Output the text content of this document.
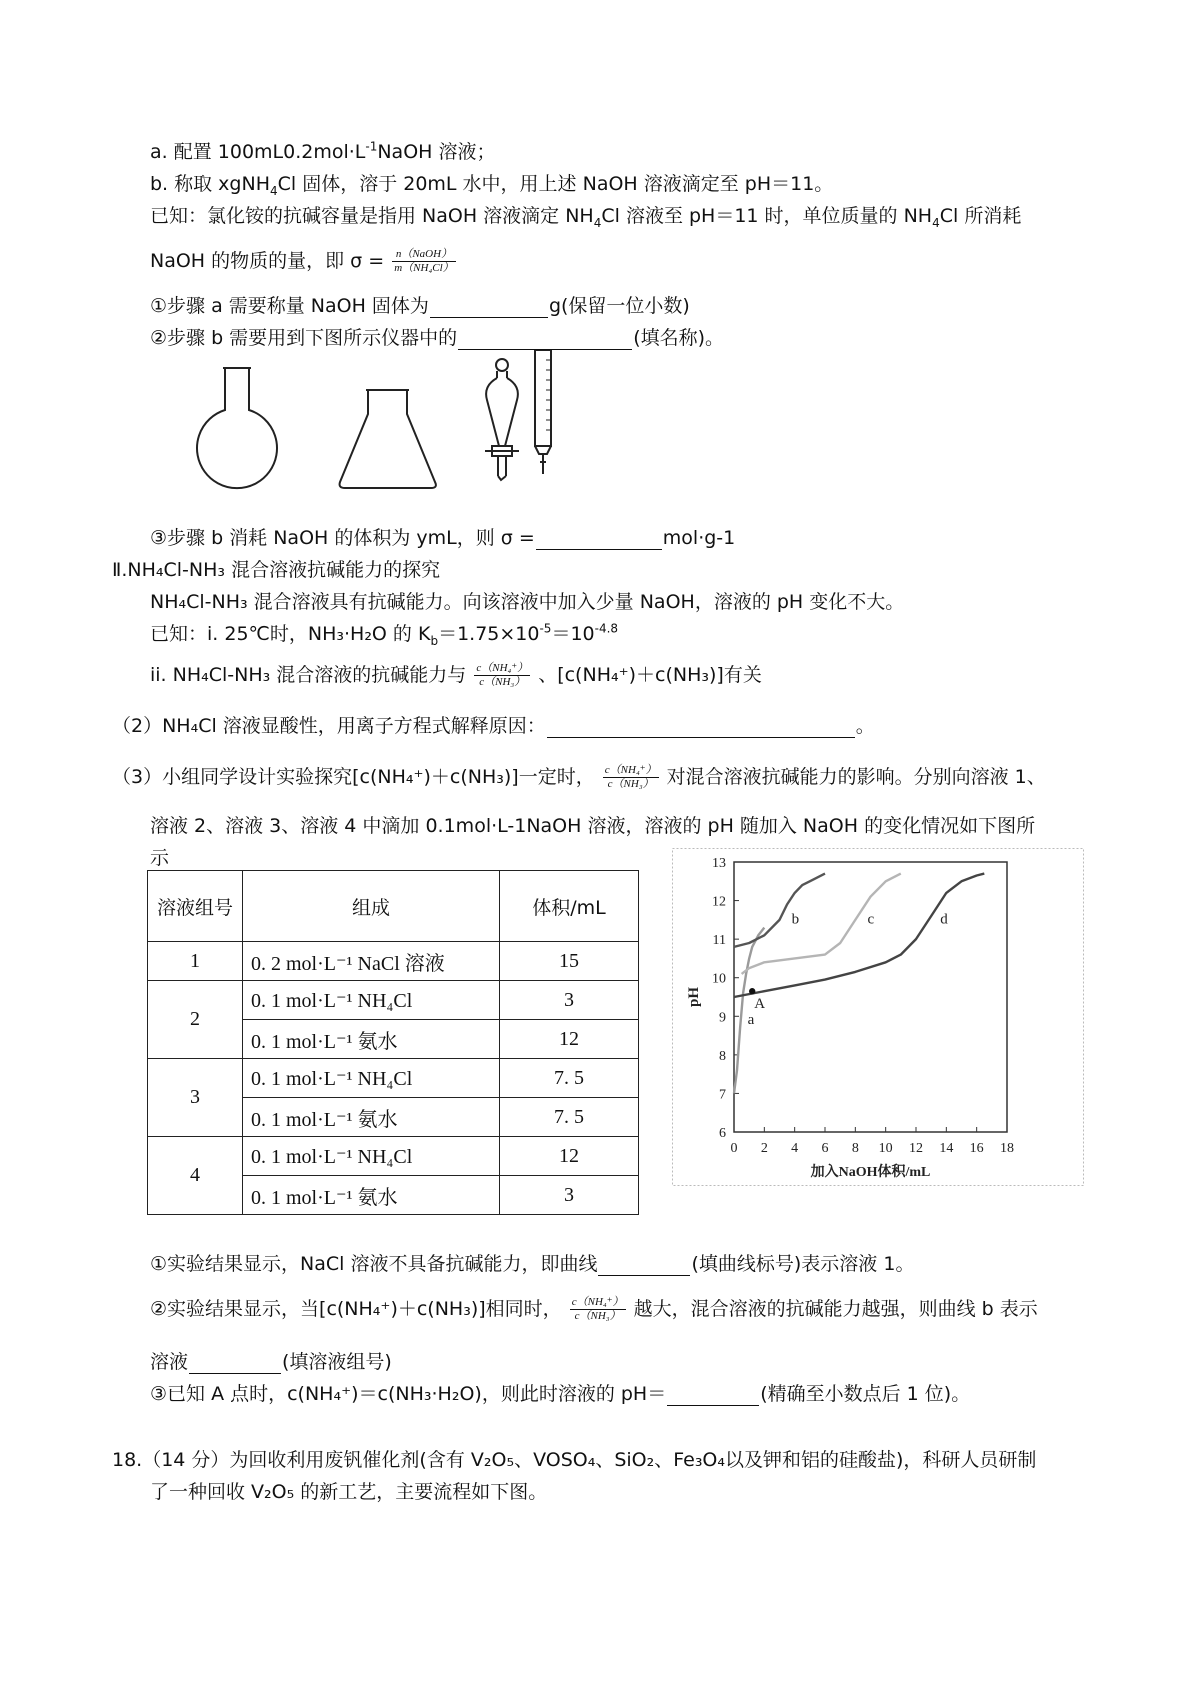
a. 配置 $100mL0.2mol\cdot L^{-1}NaOH$ 溶液；
b. 称取 xgNH$_4$Cl 固体，溶于 20mL 水中，用上述 NaOH 溶液滴定至 pH＝11。
已知：氯化铵的抗碱容量是指用 NaOH 溶液滴定 $NH_4Cl$ 溶液至 pH＝11 时，单位质量的 $NH_4Cl$ 所消耗
NaOH 的物质的量，即 $\sigma = \frac{\text{n（NaOH）}}{\text{m（NH₄Cl）}}$
①步骤 a 需要称量 NaOH 固体为	g(保留一位小数)
②步骤 b 需要用到下图所示仪器中的	(填名称)。
③步骤 b 消耗 NaOH 的体积为 ymL，则 σ =	mol·g-1
Ⅱ.NH₄Cl-NH₃ 混合溶液抗碱能力的探究
NH₄Cl-NH₃ 混合溶液具有抗碱能力。向该溶液中加入少量 NaOH，溶液的 pH 变化不大。
已知：i. 25℃时，NH₃·H₂O 的 $K_b=1.75\times 10^{-5}=10^{-4.8}$
ii. NH₄Cl-NH₃ 混合溶液的抗碱能力与 $\frac{\text{c（NH₄⁺）}}{\text{c（NH₃）}}$ 、[c(NH₄⁺)＋c(NH₃)]有关
（2）NH₄Cl 溶液显酸性，用离子方程式解释原因：	。
（3）小组同学设计实验探究[c(NH₄⁺)＋c(NH₃)]一定时， $\frac{\text{c（NH₄⁺）}}{\text{c（NH₃）}}$ 对混合溶液抗碱能力的影响。分别向溶液 1、
溶液 2、溶液 3、溶液 4 中滴加 0.1mol·L-1NaOH 溶液，溶液的 pH 随加入 NaOH 的变化情况如下图所
示
溶液组号	组成	体积/mL
1	0. 2 mol·L⁻¹ NaCl 溶液	15
2	0. 1 mol·L⁻¹ NH₄Cl	3
	0. 1 mol·L⁻¹ 氨水	12
3	0. 1 mol·L⁻¹ NH₄Cl	7. 5
	0. 1 mol·L⁻¹ 氨水	7. 5
4	0. 1 mol·L⁻¹ NH₄Cl	12
	0. 1 mol·L⁻¹ 氨水	3
0 2 4 6 8 10 12 14 16 18
6
7
8
9
10
11
12
13
加入NaOH体积/mL
pH
a
b	c	d
A
①实验结果显示，NaCl 溶液不具备抗碱能力，即曲线	(填曲线标号)表示溶液 1。
②实验结果显示，当[c(NH₄⁺)＋c(NH₃)]相同时， $\frac{\text{c（NH₄⁺）}}{\text{c（NH₃）}}$ 越大，混合溶液的抗碱能力越强，则曲线 b 表示
溶液	(填溶液组号)
③已知 A 点时，c(NH₄⁺)＝c(NH₃·H₂O)，则此时溶液的 pH＝	(精确至小数点后 1 位)。
18.（14 分）为回收利用废钒催化剂(含有 V₂O₅、VOSO₄、SiO₂、Fe₃O₄以及钾和铝的硅酸盐)，科研人员研制
了一种回收 V₂O₅ 的新工艺，主要流程如下图。
